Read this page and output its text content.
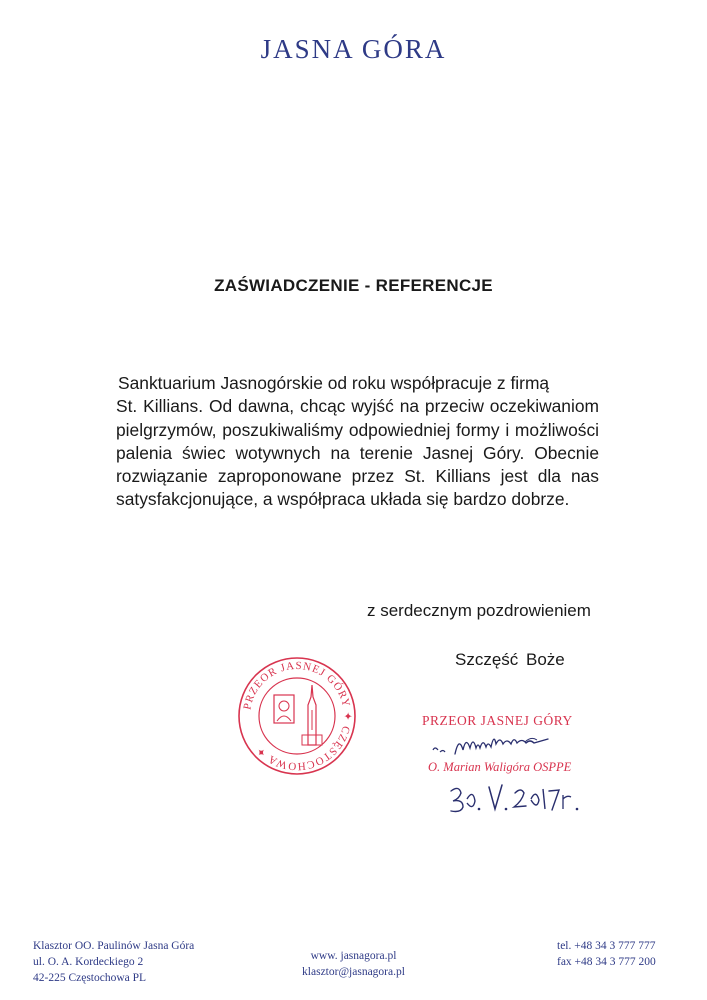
JASNA GÓRA
ZAŚWIADCZENIE - REFERENCJE
Sanktuarium Jasnogórskie od roku współpracuje z firmą
St. Killians. Od dawna, chcąc wyjść na przeciw oczekiwaniom
pielgrzymów, poszukiwaliśmy odpowiedniej formy i możliwości
palenia świec wotywnych na terenie Jasnej Góry. Obecnie
rozwiązanie zaproponowane przez St. Killians jest dla nas
satysfakcjonujące, a współpraca układa się bardzo dobrze.
z serdecznym pozdrowieniem
Szczęść Boże
PRZEOR JASNEJ GÓRY ✦ CZĘSTOCHOWA ✦
PRZEOR JASNEJ GÓRY
O. Marian Waligóra OSPPE
Klasztor OO. Paulinów Jasna Góra
ul. O. A. Kordeckiego 2
42-225 Częstochowa PL
www. jasnagora.pl
klasztor@jasnagora.pl
tel. +48 34 3 777 777
fax +48 34 3 777 200
